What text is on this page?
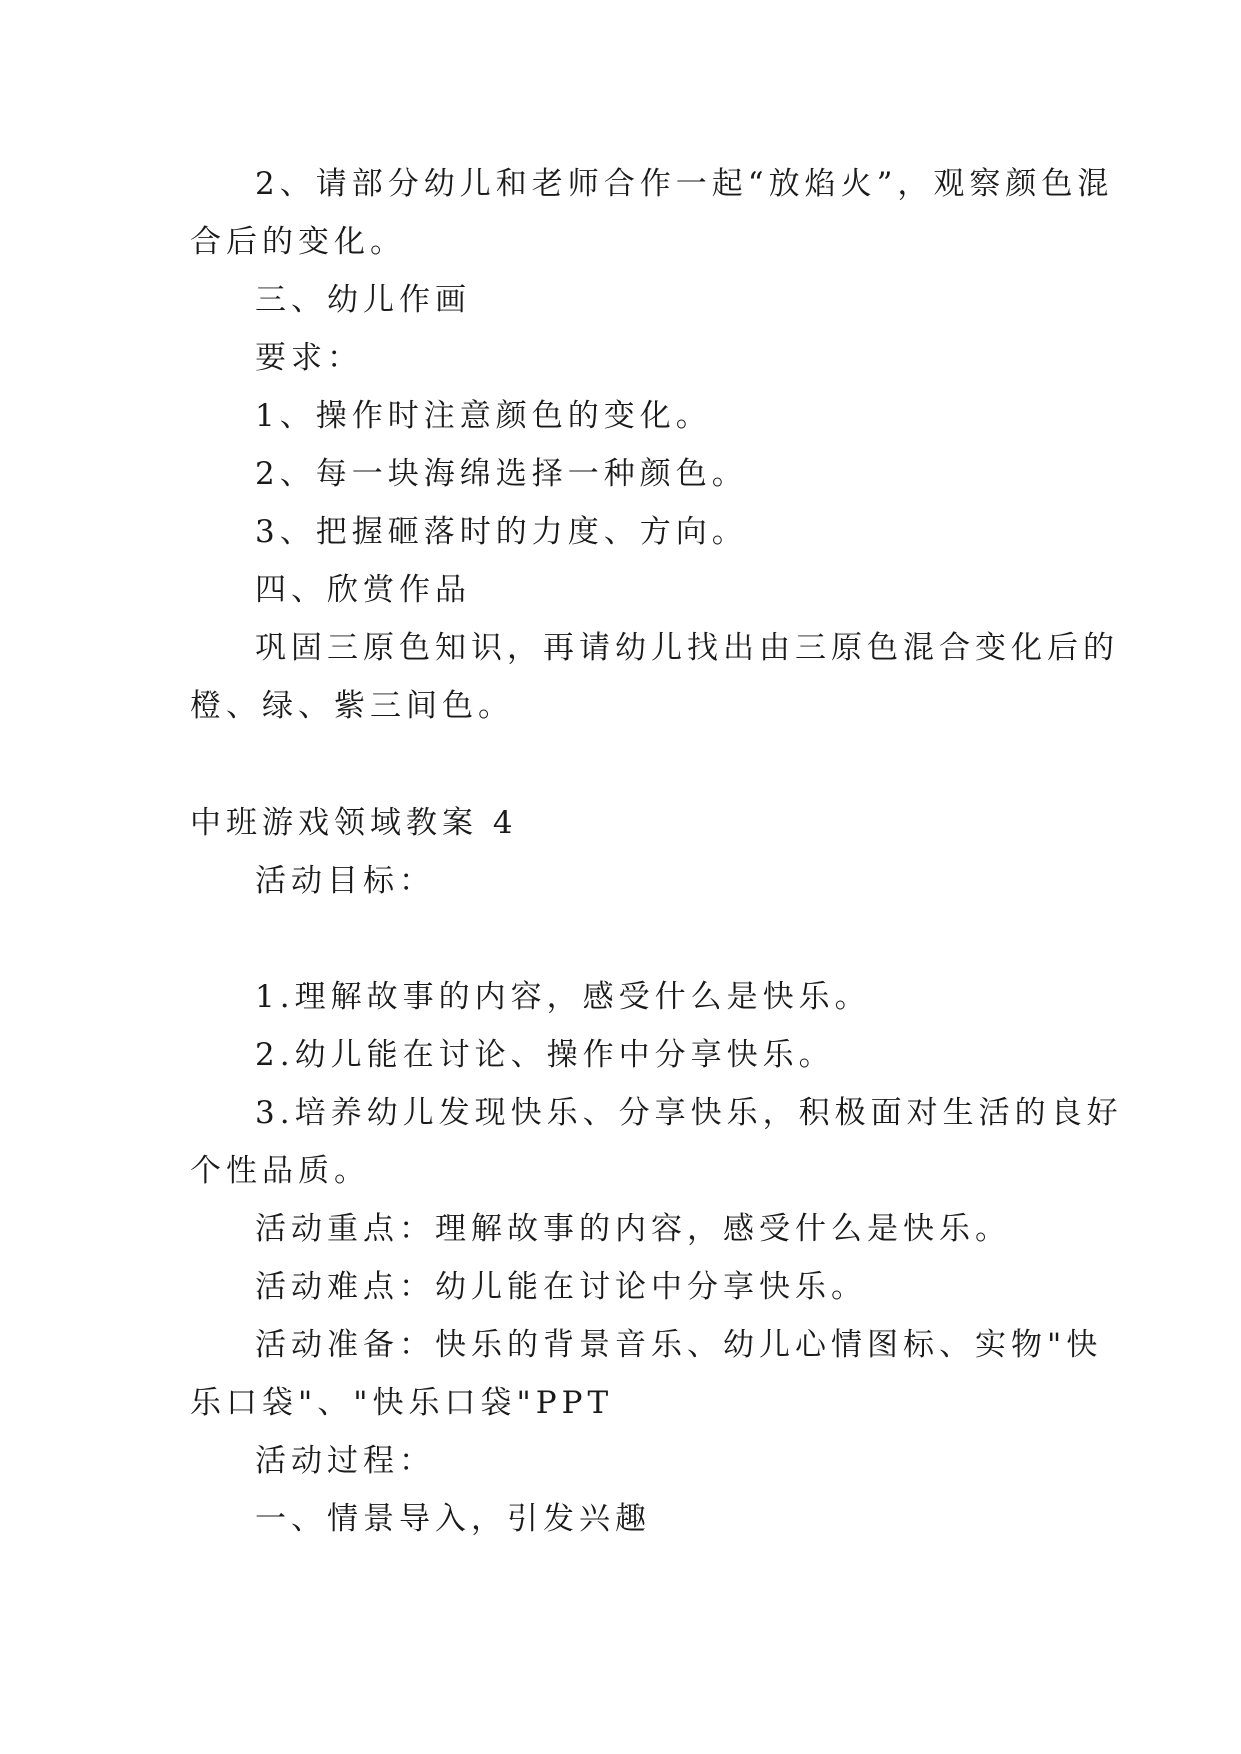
2、请部分幼儿和老师合作一起“放焰火”，观察颜色混
合后的变化。
三、幼儿作画
要求：
1、操作时注意颜色的变化。
2、每一块海绵选择一种颜色。
3、把握砸落时的力度、方向。
四、欣赏作品
巩固三原色知识，再请幼儿找出由三原色混合变化后的
橙、绿、紫三间色。
中班游戏领域教案 4
活动目标：
1.理解故事的内容，感受什么是快乐。
2.幼儿能在讨论、操作中分享快乐。
3.培养幼儿发现快乐、分享快乐，积极面对生活的良好
个性品质。
活动重点：理解故事的内容，感受什么是快乐。
活动难点：幼儿能在讨论中分享快乐。
活动准备：快乐的背景音乐、幼儿心情图标、实物"快
乐口袋"、"快乐口袋"PPT
活动过程：
一、情景导入，引发兴趣
